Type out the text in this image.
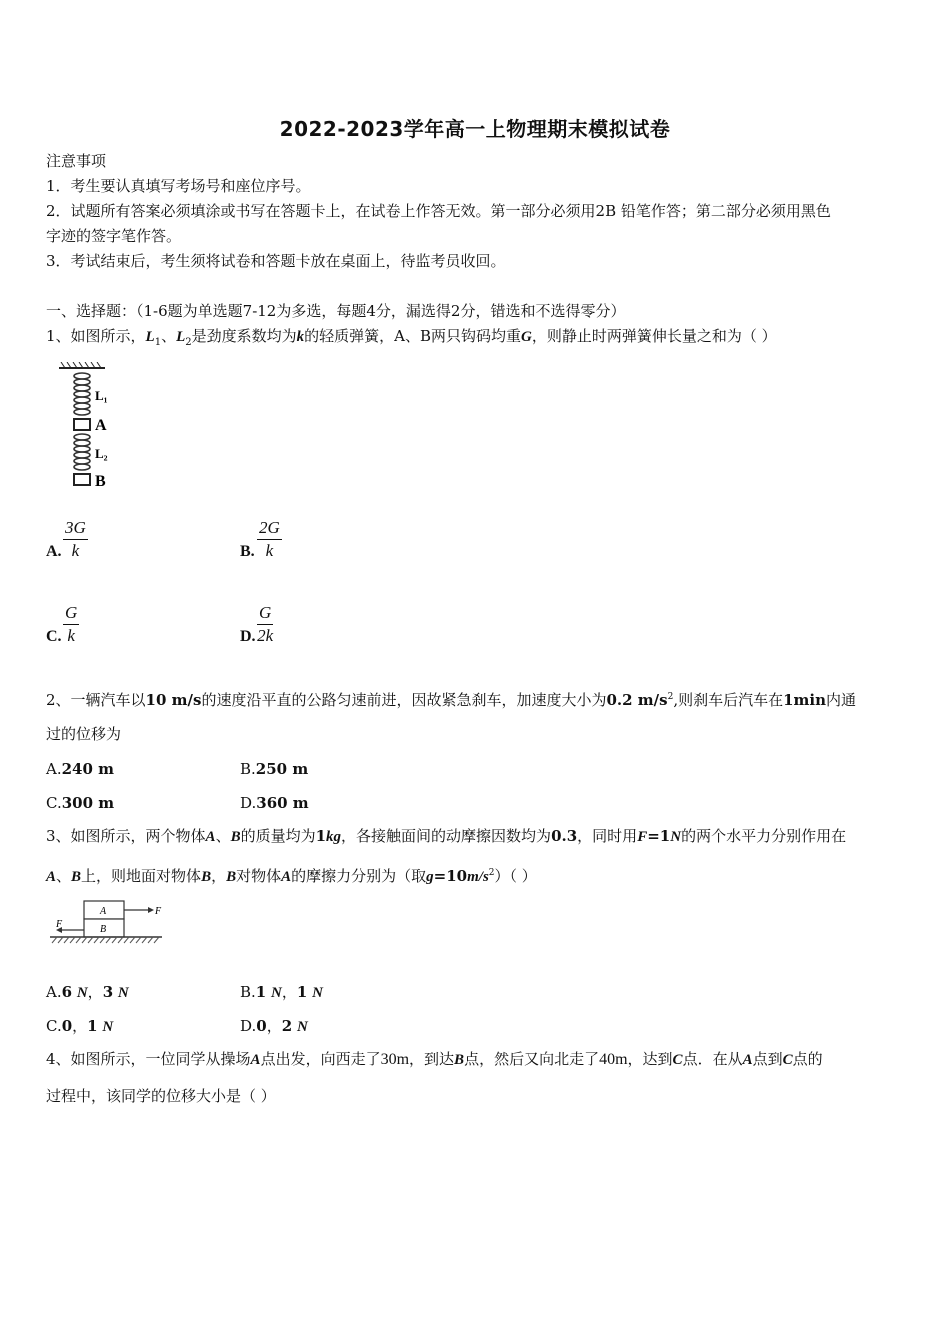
2022-2023学年高一上物理期末模拟试卷
注意事项
1．考生要认真填写考场号和座位序号。
2．试题所有答案必须填涂或书写在答题卡上，在试卷上作答无效。第一部分必须用2B 铅笔作答；第二部分必须用黑色
字迹的签字笔作答。
3．考试结束后，考生须将试卷和答题卡放在桌面上，待监考员收回。
一、选择题：（1-6题为单选题7-12为多选，每题4分，漏选得2分，错选和不选得零分）
1、如图所示，$L_1$、$L_2$是劲度系数均为k的轻质弹簧，A、B两只钩码均重G，则静止时两弹簧伸长量之和为（ ）
L₁
A
L₂
B
A. $\frac{3G}{k}$	B. $\frac{2G}{k}$
C. $\frac{G}{k}$	D. $\frac{G}{2k}$
2、一辆汽车以10 m/s的速度沿平直的公路匀速前进，因故紧急刹车，加速度大小为0.2 $m/s^2$,则刹车后汽车在1min内通
过的位移为
A.240 m	B.250 m
C.300 m	D.360 m
3、如图所示，两个物体A、B的质量均为1kg，各接触面间的动摩擦因数均为0.3，同时用F=1N的两个水平力分别作用在
A、B上，则地面对物体B，B对物体A的摩擦力分别为（取$g=10m/s^2$）（ ）
A
B
F
F
A.6 N，3 N	B.1 N，1 N
C.0，1 N	D.0，2 N
4、如图所示，一位同学从操场A点出发，向西走了30m，到达B点，然后又向北走了40m，达到C点．在从A点到C点的
过程中，该同学的位移大小是（ ）
